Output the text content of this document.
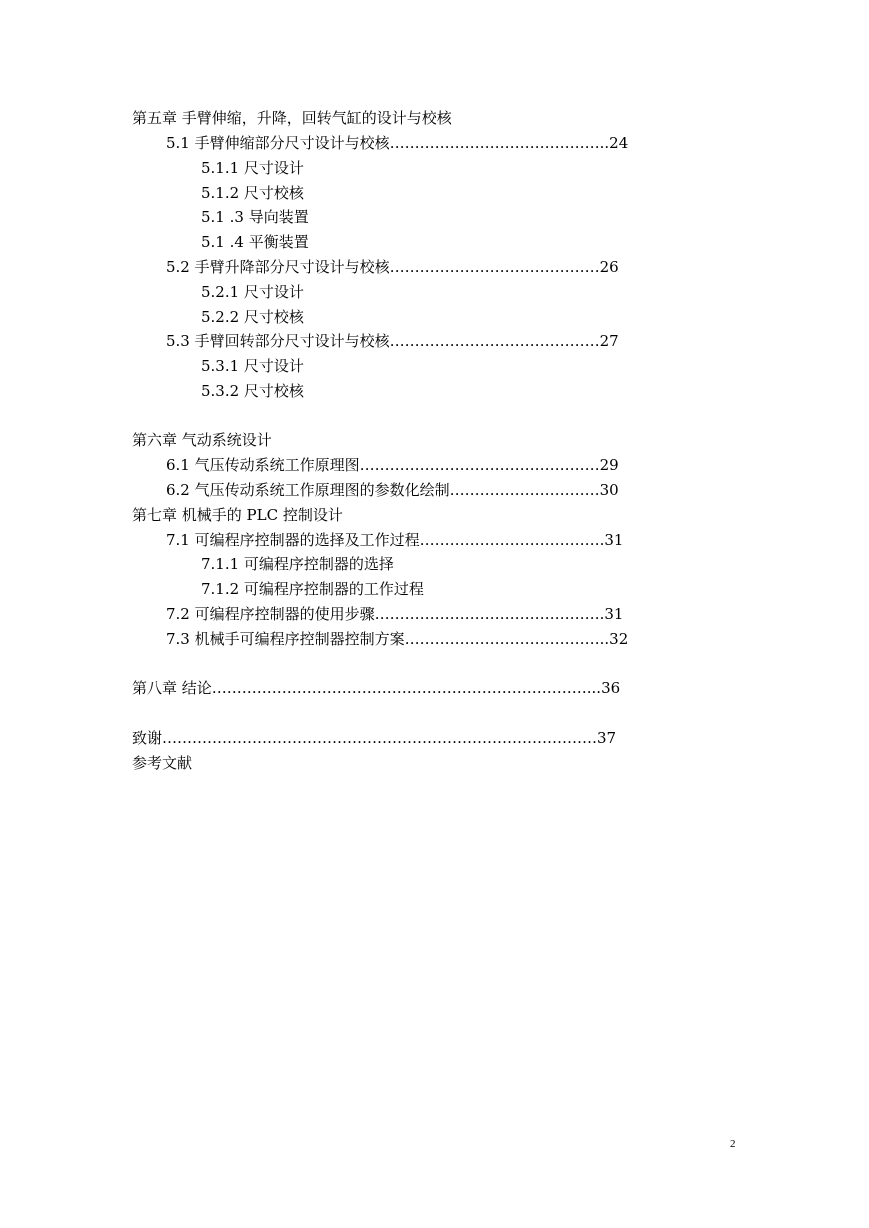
第五章 手臂伸缩，升降，回转气缸的设计与校核
5.1 手臂伸缩部分尺寸设计与校核……………………………………..24
5.1.1 尺寸设计
5.1.2 尺寸校核
5.1 .3 导向装置
5.1 .4 平衡装置
5.2 手臂升降部分尺寸设计与校核……………………………………26
5.2.1 尺寸设计
5.2.2 尺寸校核
5.3 手臂回转部分尺寸设计与校核……………………………………27
5.3.1 尺寸设计
5.3.2 尺寸校核
第六章 气动系统设计
6.1 气压传动系统工作原理图…………………………………………29
6.2 气压传动系统工作原理图的参数化绘制…………………………30
第七章 机械手的 PLC 控制设计
7.1 可编程序控制器的选择及工作过程……………………………….31
7.1.1 可编程序控制器的选择
7.1.2 可编程序控制器的工作过程
7.2 可编程序控制器的使用步骤……………………………………….31
7.3 机械手可编程序控制器控制方案…………………………………..32
第八章 结论…………………………………………………………………...36
致谢……………………………………………………………………………37
参考文献
2
